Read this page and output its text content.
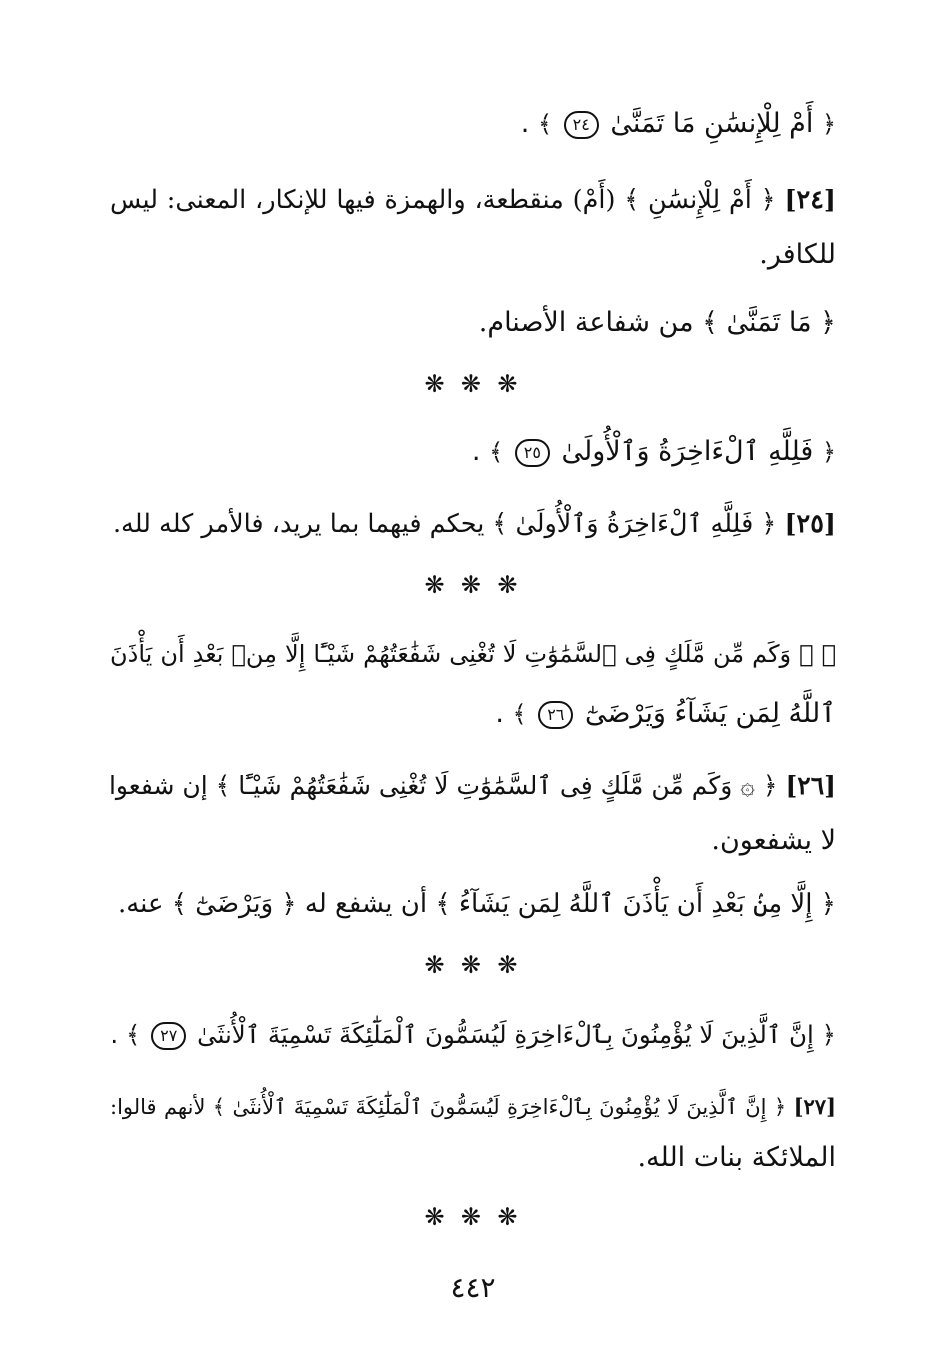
﴿ أَمْ لِلْإِنسَٰنِ مَا تَمَنَّىٰ ٢٤ ﴾ .
[٢٤] ﴿ أَمْ لِلْإِنسَٰنِ ﴾ (أَمْ) منقطعة، والهمزة فيها للإنكار، المعنى: ليس
للكافر.
﴿ مَا تَمَنَّىٰ ﴾ من شفاعة الأصنام.
❋ ❋ ❋
﴿ فَلِلَّهِ ٱلْءَاخِرَةُ وَٱلْأُولَىٰ ٢٥ ﴾ .
[٢٥] ﴿ فَلِلَّهِ ٱلْءَاخِرَةُ وَٱلْأُولَىٰ ﴾ يحكم فيهما بما يريد، فالأمر كله لله.
❋ ❋ ❋
﴿ ۞ وَكَم مِّن مَّلَكٍ فِى ٱلسَّمَٰوَٰتِ لَا تُغْنِى شَفَٰعَتُهُمْ شَيْـًٔا إِلَّا مِنۢ بَعْدِ أَن يَأْذَنَ
ٱللَّهُ لِمَن يَشَآءُ وَيَرْضَىٰٓ ٢٦ ﴾ .
[٢٦] ﴿ ۞ وَكَم مِّن مَّلَكٍ فِى ٱلسَّمَٰوَٰتِ لَا تُغْنِى شَفَٰعَتُهُمْ شَيْـًٔا ﴾ إن شفعوا
لا يشفعون.
﴿ إِلَّا مِنۢ بَعْدِ أَن يَأْذَنَ ٱللَّهُ لِمَن يَشَآءُ ﴾ أن يشفع له ﴿ وَيَرْضَىٰٓ ﴾ عنه.
❋ ❋ ❋
﴿ إِنَّ ٱلَّذِينَ لَا يُؤْمِنُونَ بِٱلْءَاخِرَةِ لَيُسَمُّونَ ٱلْمَلَٰٓئِكَةَ تَسْمِيَةَ ٱلْأُنثَىٰ ٢٧ ﴾ .
[٢٧] ﴿ إِنَّ ٱلَّذِينَ لَا يُؤْمِنُونَ بِٱلْءَاخِرَةِ لَيُسَمُّونَ ٱلْمَلَٰٓئِكَةَ تَسْمِيَةَ ٱلْأُنثَىٰ ﴾ لأنهم قالوا:
الملائكة بنات الله.
❋ ❋ ❋
٤٤٢
